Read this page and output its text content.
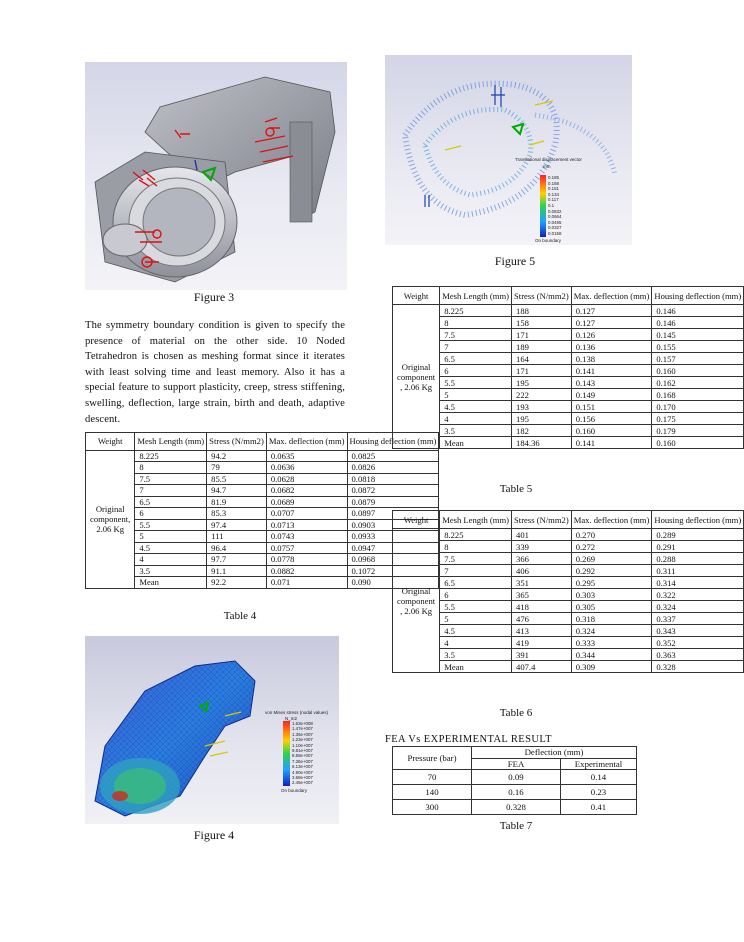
Figure 3
The symmetry boundary condition is given to specify the presence of material on the other side. 10 Noded Tetrahedron is chosen as meshing format since it iterates with least solving time and least memory. Also it has a special feature to support plasticity, creep, stress stiffening, swelling, deflection, large strain, birth and death, adaptive descent.
Weight	Mesh Length (mm)	Stress (N/mm2)	Max. deflection (mm)	Housing deflection (mm)
Original component, 2.06 Kg	8.225	94.2	0.0635	0.0825
	8	79	0.0636	0.0826
	7.5	85.5	0.0628	0.0818
	7	94.7	0.0682	0.0872
	6.5	81.9	0.0689	0.0879
	6	85.3	0.0707	0.0897
	5.5	97.4	0.0713	0.0903
	5	111	0.0743	0.0933
	4.5	96.4	0.0757	0.0947
	4	97.7	0.0778	0.0968
	3.5	91.1	0.0882	0.1072
	Mean	92.2	0.071	0.090
Table 4
von Mises stress (nodal values)
N_m2
1.63e+008
1.47e+007
1.35e+007
1.23e+007
1.10e+007
9.81e+007
8.58e+007
7.36e+007
6.13e+007
4.90e+007
3.68e+007
2.45e+007
On boundary
Figure 4
Translational displacement vector
mm
0.185
0.168
0.151
0.134
0.117
0.1
0.0832
0.0664
0.0495
0.0327
0.0158
On boundary
Figure 5
Weight	Mesh Length (mm)	Stress (N/mm2)	Max. deflection (mm)	Housing deflection (mm)
Original component , 2.06 Kg	8.225	188	0.127	0.146
	8	158	0.127	0.146
	7.5	171	0.126	0.145
	7	189	0.136	0.155
	6.5	164	0.138	0.157
	6	171	0.141	0.160
	5.5	195	0.143	0.162
	5	222	0.149	0.168
	4.5	193	0.151	0.170
	4	195	0.156	0.175
	3.5	182	0.160	0.179
	Mean	184.36	0.141	0.160
Table 5
Weight	Mesh Length (mm)	Stress (N/mm2)	Max. deflection (mm)	Housing deflection (mm)
Original component , 2.06 Kg	8.225	401	0.270	0.289
	8	339	0.272	0.291
	7.5	366	0.269	0.288
	7	406	0.292	0.311
	6.5	351	0.295	0.314
	6	365	0.303	0.322
	5.5	418	0.305	0.324
	5	476	0.318	0.337
	4.5	413	0.324	0.343
	4	419	0.333	0.352
	3.5	391	0.344	0.363
	Mean	407.4	0.309	0.328
Table 6
FEA Vs EXPERIMENTAL RESULT
Pressure (bar)	Deflection (mm)	
	FEA	Experimental
70	0.09	0.14
140	0.16	0.23
300	0.328	0.41
Table 7
